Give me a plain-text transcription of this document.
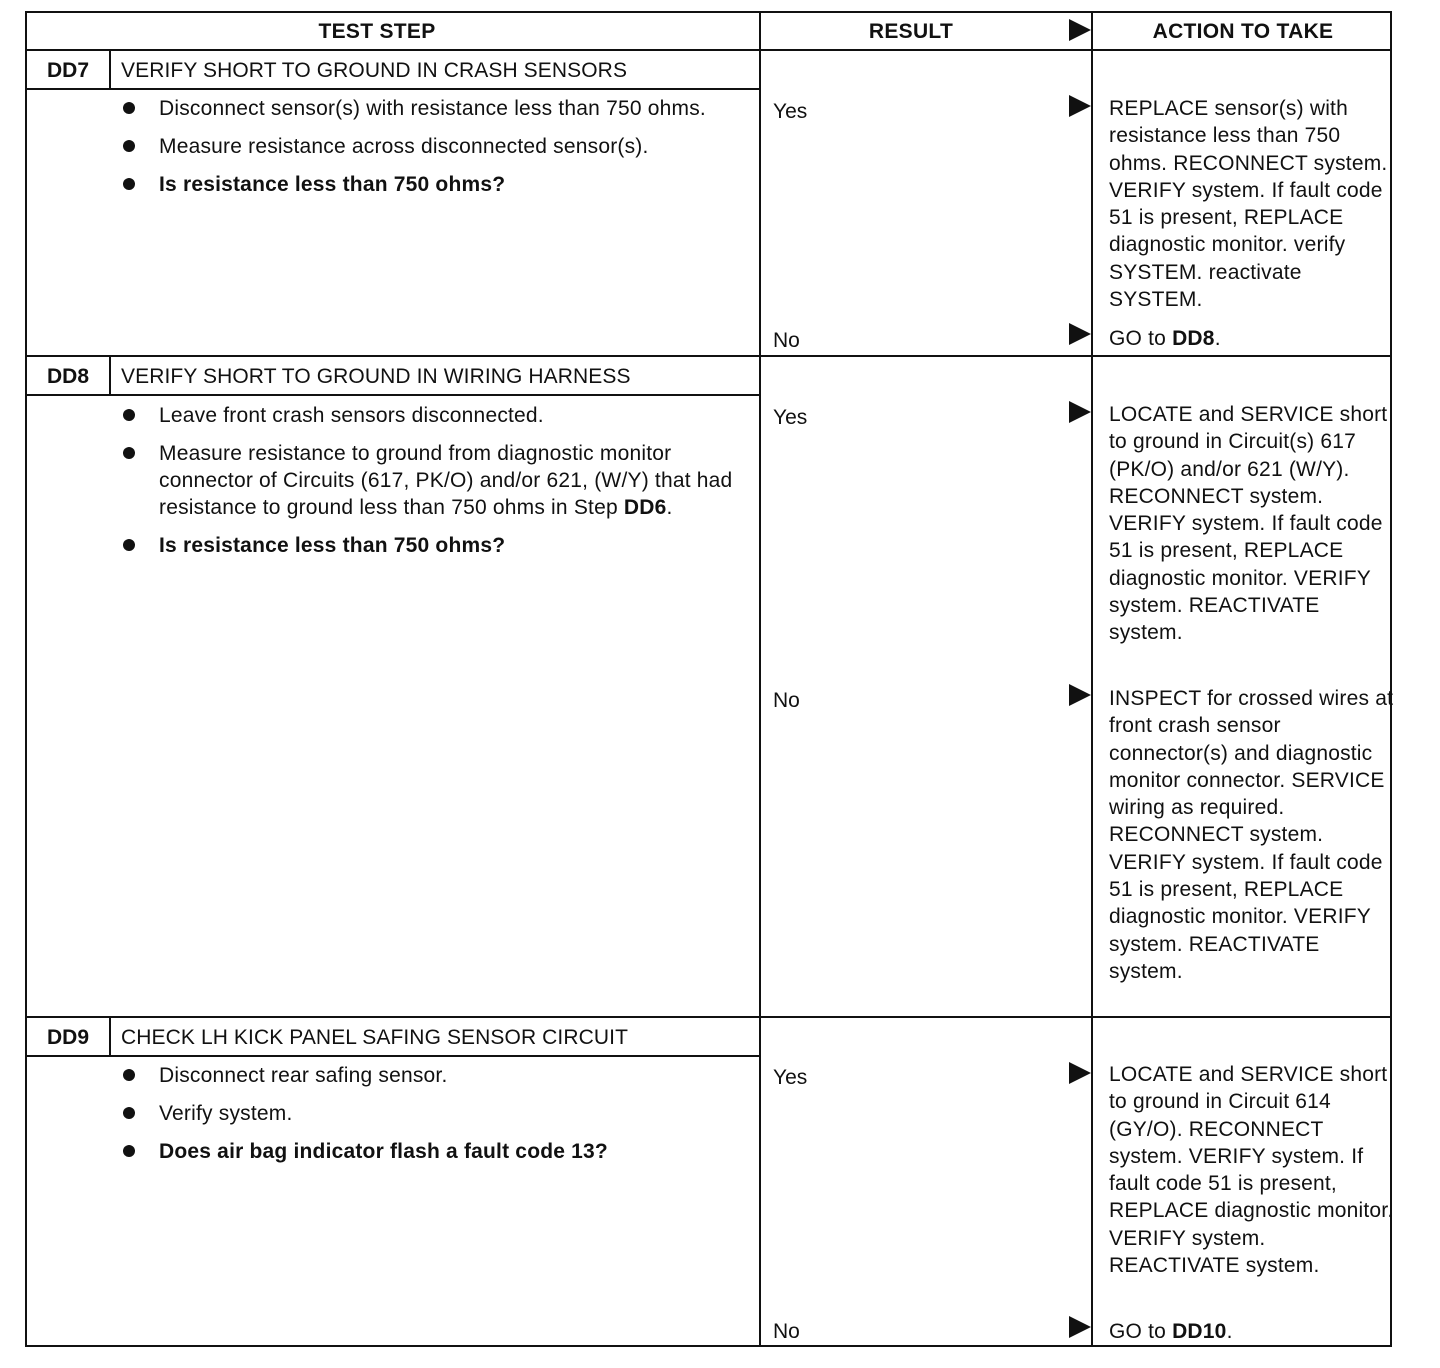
TEST STEP	RESULT	ACTION TO TAKE
DD7	VERIFY SHORT TO GROUND IN CRASH SENSORS
Disconnect sensor(s) with resistance less than 750 ohms.
Measure resistance across disconnected sensor(s).
Is resistance less than 750 ohms?
Yes	REPLACE sensor(s) with resistance less than 750 ohms. RECONNECT system. VERIFY system. If fault code 51 is present, REPLACE diagnostic monitor. verify SYSTEM. reactivate SYSTEM.
No	GO to DD8.
DD8	VERIFY SHORT TO GROUND IN WIRING HARNESS
Leave front crash sensors disconnected.
Measure resistance to ground from diagnostic monitor connector of Circuits (617, PK/O) and/or 621, (W/Y) that had resistance to ground less than 750 ohms in Step DD6.
Is resistance less than 750 ohms?
Yes	LOCATE and SERVICE short to ground in Circuit(s) 617 (PK/O) and/or 621 (W/Y). RECONNECT system. VERIFY system. If fault code 51 is present, REPLACE diagnostic monitor. VERIFY system. REACTIVATE system.
No	INSPECT for crossed wires at front crash sensor connector(s) and diagnostic monitor connector. SERVICE wiring as required. RECONNECT system. VERIFY system. If fault code 51 is present, REPLACE diagnostic monitor. VERIFY system. REACTIVATE system.
DD9	CHECK LH KICK PANEL SAFING SENSOR CIRCUIT
Disconnect rear safing sensor.
Verify system.
Does air bag indicator flash a fault code 13?
Yes	LOCATE and SERVICE short to ground in Circuit 614 (GY/O). RECONNECT system. VERIFY system. If fault code 51 is present, REPLACE diagnostic monitor. VERIFY system. REACTIVATE system.
No	GO to DD10.
